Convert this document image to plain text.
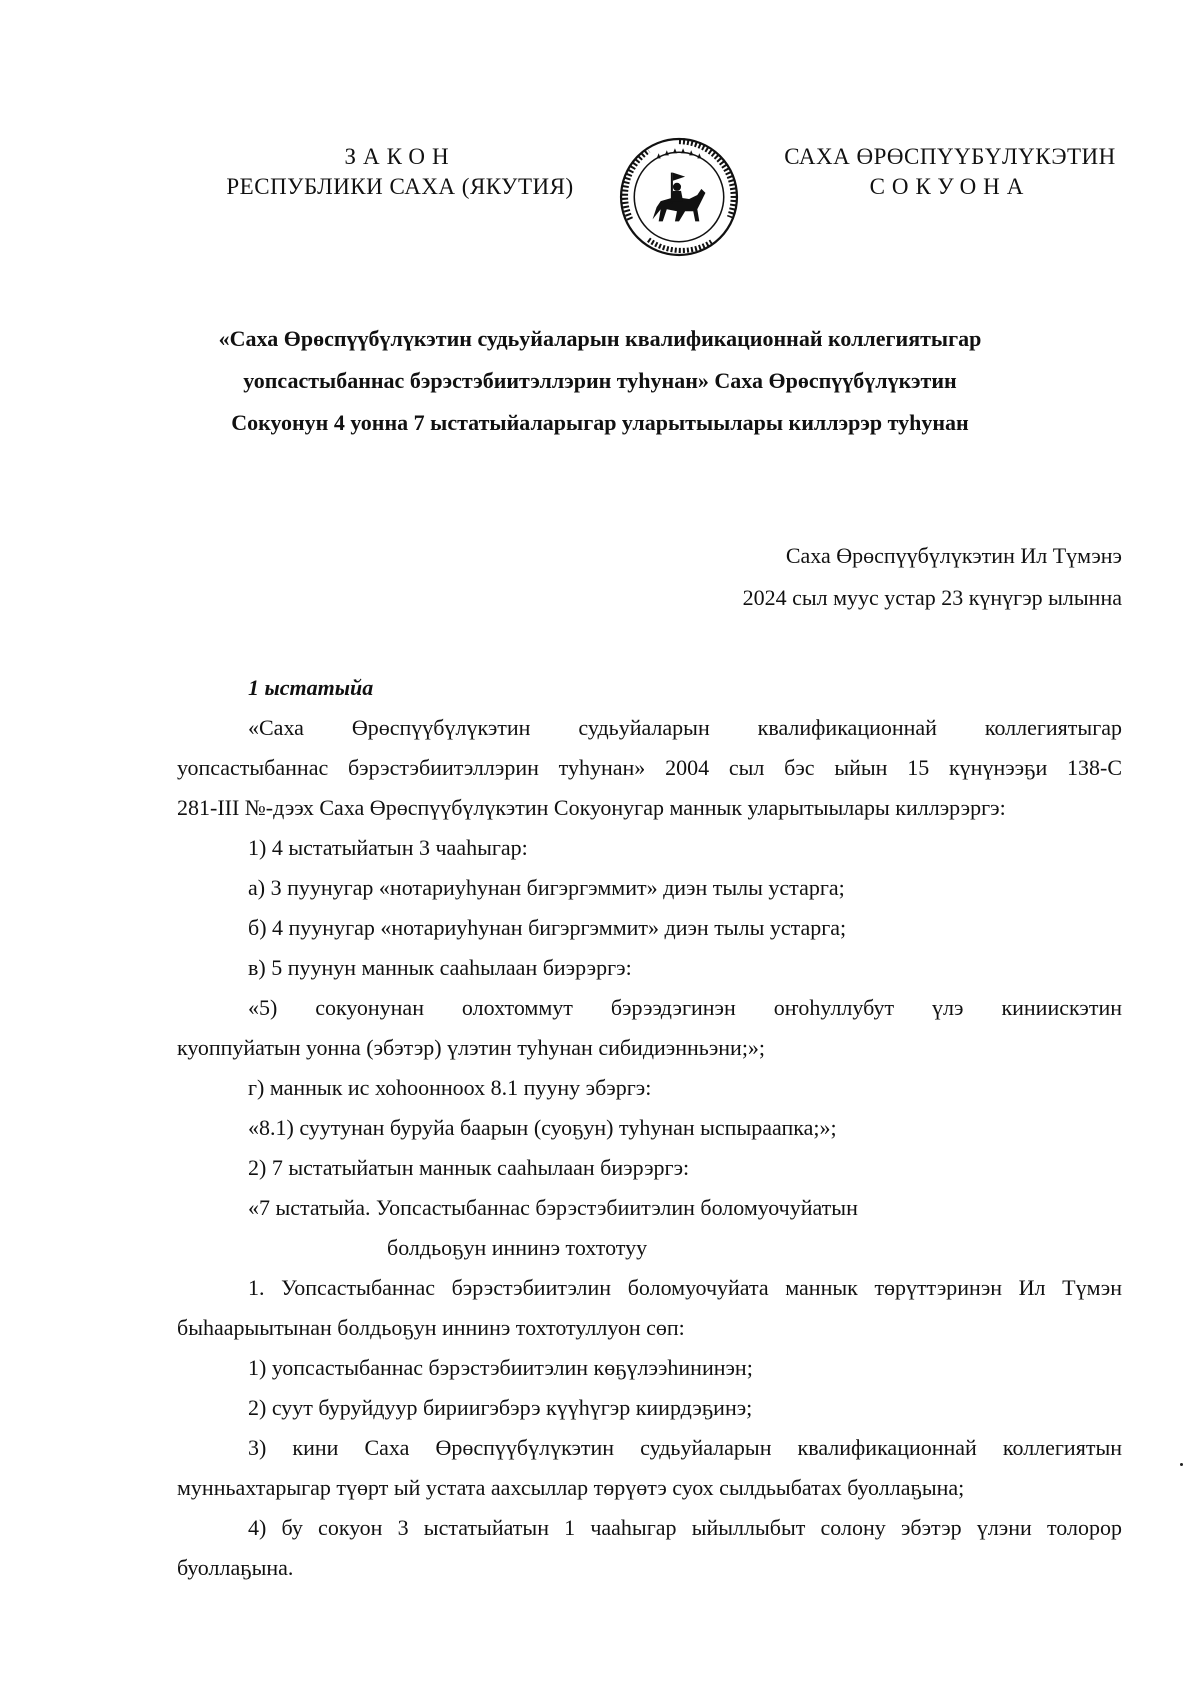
ЗАКОН
РЕСПУБЛИКИ САХА (ЯКУТИЯ)
САХА ӨРӨСПҮҮБҮЛҮКЭТИН
СОКУОНА
«Саха Өрөспүүбүлүкэтин судьуйаларын квалификационнай коллегиятыгар
уопсастыбаннас бэрэстэбиитэллэрин туһунан» Саха Өрөспүүбүлүкэтин
Сокуонун 4 уонна 7 ыстатыйаларыгар уларытыылары киллэрэр туһунан
Саха Өрөспүүбүлүкэтин Ил Түмэнэ
2024 сыл муус устар 23 күнүгэр ылынна

1 ыстатыйа

«Саха Өрөспүүбүлүкэтин судьуйаларын квалификационнай коллегиятыгар

уопсастыбаннас бэрэстэбиитэллэрин туһунан» 2004 сыл бэс ыйын 15 күнүнээҕи 138-С

281-III №-дээх Саха Өрөспүүбүлүкэтин Сокуонугар маннык уларытыылары киллэрэргэ:

1) 4 ыстатыйатын 3 чааһыгар:

а) 3 пуунугар «нотариуһунан бигэргэммит» диэн тылы устарга;

б) 4 пуунугар «нотариуһунан бигэргэммит» диэн тылы устарга;

в) 5 пуунун маннык сааһылаан биэрэргэ:

«5) сокуонунан олохтоммут бэрээдэгинэн оҥоһуллубут үлэ киниискэтин

куоппуйатын уонна (эбэтэр) үлэтин туһунан сибидиэнньэни;»;

г) маннык ис хоһоонноох 8.1 пууну эбэргэ:

«8.1) суутунан буруйа баарын (суоҕун) туһунан ыспыраапка;»;

2) 7 ыстатыйатын маннык сааһылаан биэрэргэ:

«7 ыстатыйа. Уопсастыбаннас бэрэстэбиитэлин боломуочуйатын

болдьоҕун иннинэ тохтотуу

1. Уопсастыбаннас бэрэстэбиитэлин боломуочуйата маннык төрүттэринэн Ил Түмэн

быһаарыытынан болдьоҕун иннинэ тохтотуллуон сөп:

1) уопсастыбаннас бэрэстэбиитэлин көҕүлээһининэн;

2) суут буруйдуур бириигэбэрэ күүһүгэр киирдэҕинэ;

3) кини Саха Өрөспүүбүлүкэтин судьуйаларын квалификационнай коллегиятын

мунньахтарыгар түөрт ый устата аахсыллар төрүөтэ суох сылдьыбатах буоллаҕына;

4) бу сокуон 3 ыстатыйатын 1 чааһыгар ыйыллыбыт солону эбэтэр үлэни толорор

буоллаҕына.
